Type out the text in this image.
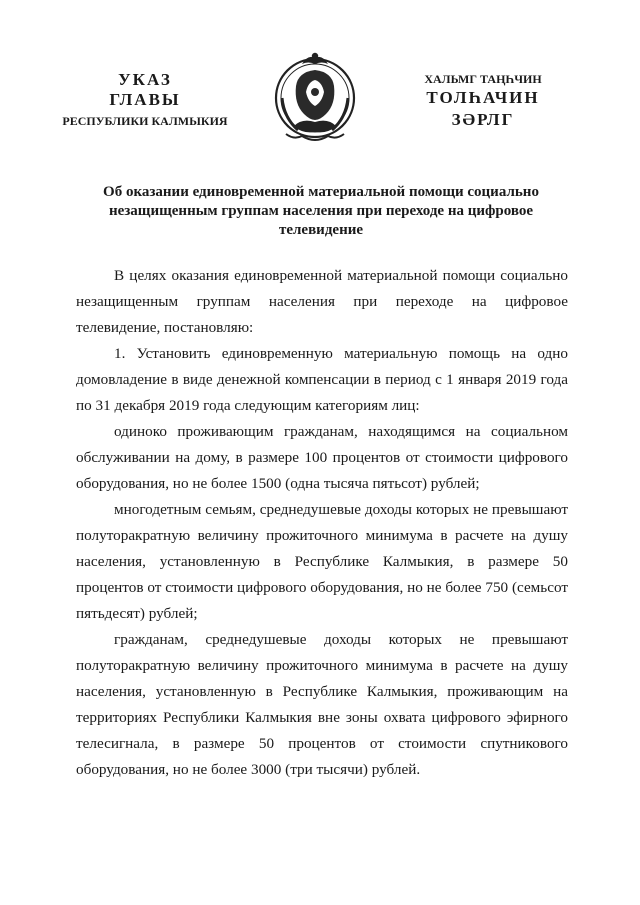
УКАЗ
ГЛАВЫ
РЕСПУБЛИКИ КАЛМЫКИЯ
ХАЛЬМГ ТАҢҺЧИН
ТОЛҺАЧИН
ЗӘРЛГ
Об оказании единовременной материальной помощи социально незащищенным группам населения при переходе на цифровое телевидение

В целях оказания единовременной материальной помощи социально незащищенным группам населения при переходе на цифровое телевидение, постановляю:

1. Установить единовременную материальную помощь на одно домовладение в виде денежной компенсации в период с 1 января 2019 года по 31 декабря 2019 года следующим категориям лиц:

одиноко проживающим гражданам, находящимся на социальном обслуживании на дому, в размере 100 процентов от стоимости цифрового оборудования, но не более 1500 (одна тысяча пятьсот) рублей;

многодетным семьям, среднедушевые доходы которых не превышают полуторакратную величину прожиточного минимума в расчете на душу населения, установленную в Республике Калмыкия, в размере 50 процентов от стоимости цифрового оборудования, но не более 750 (семьсот пятьдесят) рублей;

гражданам, среднедушевые доходы которых не превышают полуторакратную величину прожиточного минимума в расчете на душу населения, установленную в Республике Калмыкия, проживающим на территориях Республики Калмыкия вне зоны охвата цифрового эфирного телесигнала, в размере 50 процентов от стоимости спутникового оборудования, но не более 3000 (три тысячи) рублей.
